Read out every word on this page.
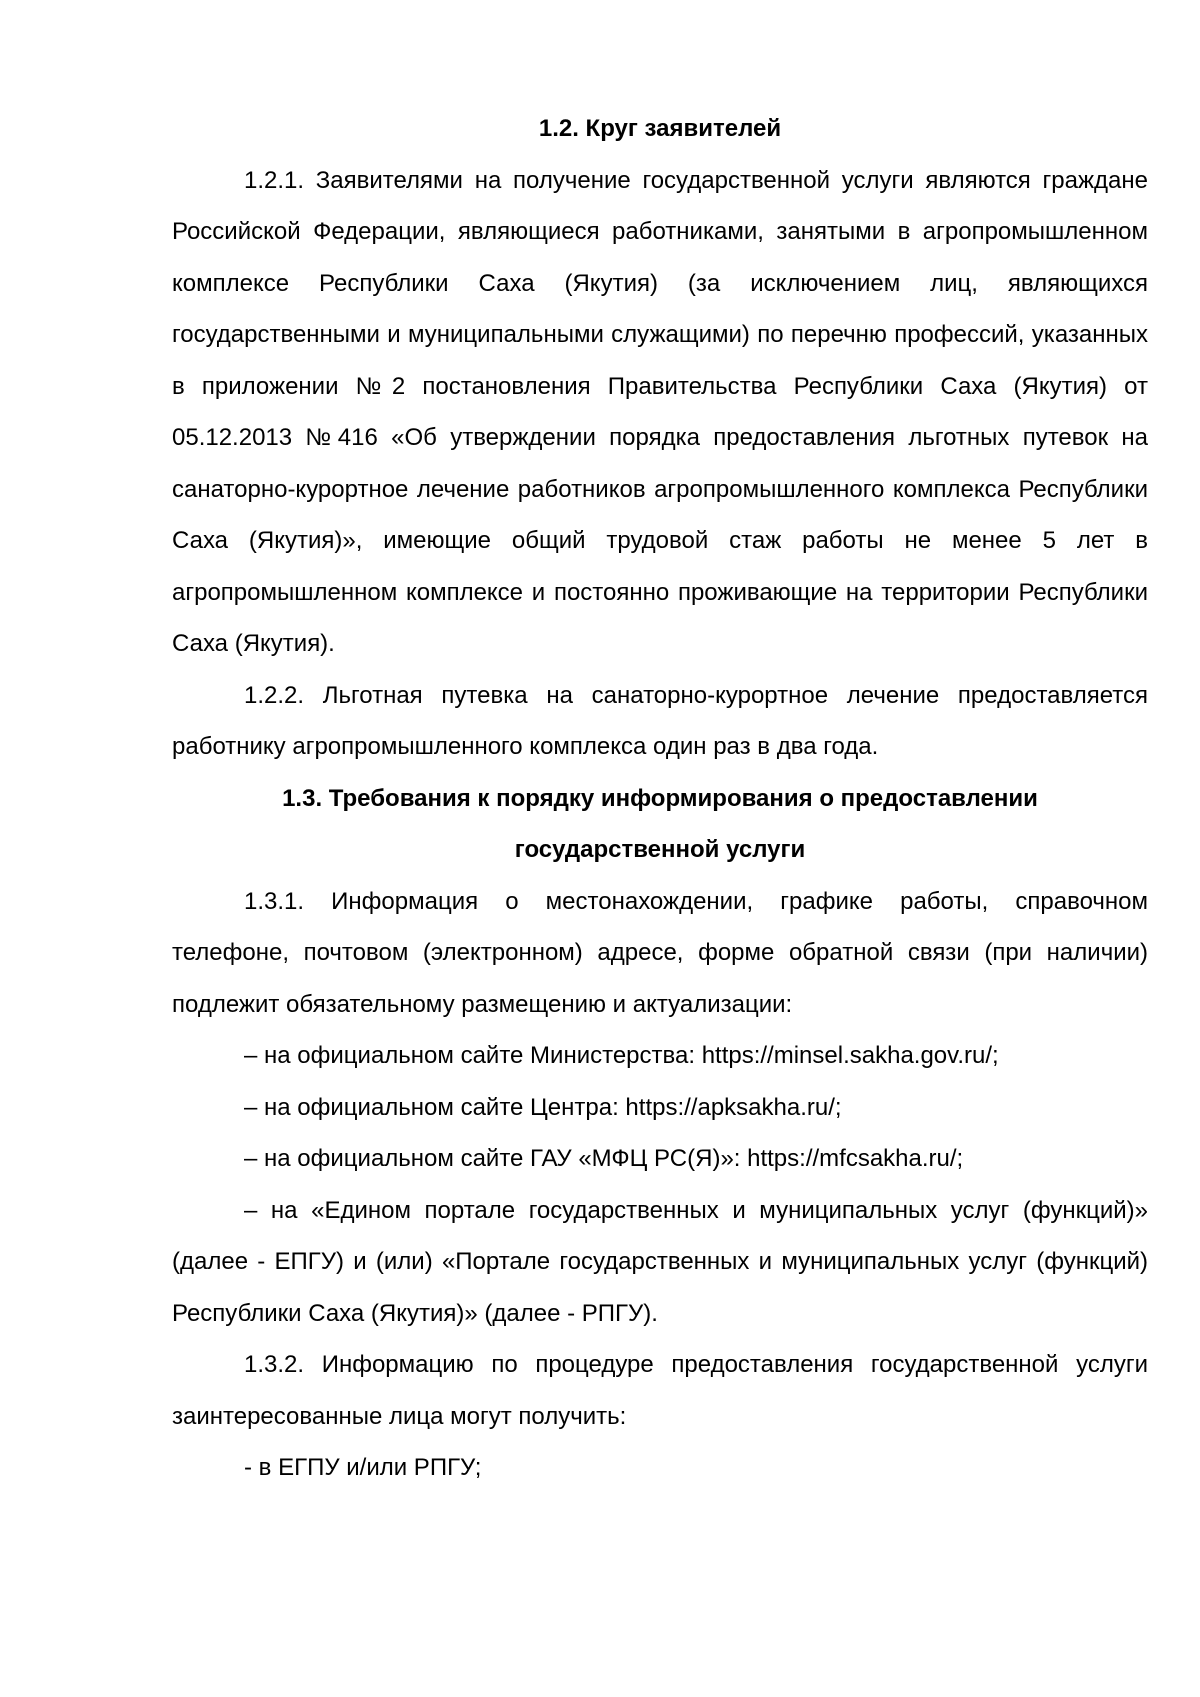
1.2. Круг заявителей

1.2.1. Заявителями на получение государственной услуги являются граждане Российской Федерации, являющиеся работниками, занятыми в агропромышленном комплексе Республики Саха (Якутия) (за исключением лиц, являющихся государственными и муниципальными служащими) по перечню профессий, указанных в приложении №2 постановления Правительства Республики Саха (Якутия) от 05.12.2013 №416 «Об утверждении порядка предоставления льготных путевок на санаторно-курортное лечение работников агропромышленного комплекса Республики Саха (Якутия)», имеющие общий трудовой стаж работы не менее 5 лет в агропромышленном комплексе и постоянно проживающие на территории Республики Саха (Якутия).

1.2.2. Льготная путевка на санаторно-курортное лечение предоставляется работнику агропромышленного комплекса один раз в два года.

1.3. Требования к порядку информирования о предоставлении

государственной услуги

1.3.1. Информация о местонахождении, графике работы, справочном телефоне, почтовом (электронном) адресе, форме обратной связи (при наличии) подлежит обязательному размещению и актуализации:

– на официальном сайте Министерства: https://minsel.sakha.gov.ru/;

– на официальном сайте Центра: https://apksakha.ru/;

– на официальном сайте ГАУ «МФЦ РС(Я)»: https://mfcsakha.ru/;

– на «Едином портале государственных и муниципальных услуг (функций)» (далее - ЕПГУ) и (или) «Портале государственных и муниципальных услуг (функций) Республики Саха (Якутия)» (далее - РПГУ).

1.3.2. Информацию по процедуре предоставления государственной услуги заинтересованные лица могут получить:

- в ЕГПУ и/или РПГУ;
